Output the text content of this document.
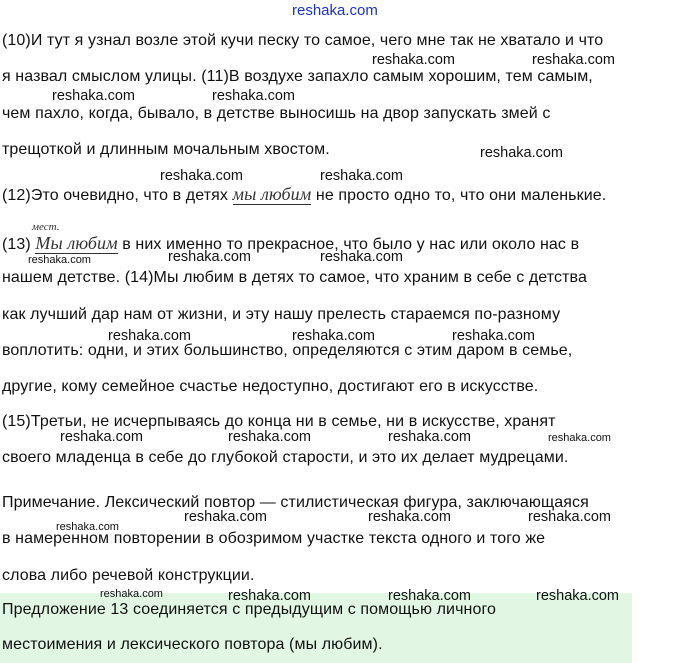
reshaka.com
(10)И тут я узнал возле этой кучи песку то самое, чего мне так не хватало и что
я назвал смыслом улицы. (11)В воздухе запахло самым хорошим, тем самым,
чем пахло, когда, бывало, в детстве выносишь на двор запускать змей с
трещоткой и длинным мочальным хвостом.
(12)Это очевидно, что в детях мы любим не просто одно то, что они маленькие.
мест.
(13) Мы любим в них именно то прекрасное, что было у нас или около нас в
нашем детстве. (14)Мы любим в детях то самое, что храним в себе с детства
как лучший дар нам от жизни, и эту нашу прелесть стараемся по-разному
воплотить: одни, и этих большинство, определяются с этим даром в семье,
другие, кому семейное счастье недоступно, достигают его в искусстве.
(15)Третьи, не исчерпываясь до конца ни в семье, ни в искусстве, хранят
своего младенца в себе до глубокой старости, и это их делает мудрецами.
Примечание. Лексический повтор — стилистическая фигура, заключающаяся
в намеренном повторении в обозримом участке текста одного и того же
слова либо речевой конструкции.
Предложение 13 соединяется с предыдущим с помощью личного
местоимения и лексического повтора (мы любим).
reshaka.com	reshaka.com
reshaka.com	reshaka.com
reshaka.com
reshaka.com	reshaka.com
reshaka.com	reshaka.com	reshaka.com
reshaka.com	reshaka.com	reshaka.com
reshaka.com	reshaka.com	reshaka.com	reshaka.com
reshaka.com
reshaka.com	reshaka.com	reshaka.com
reshaka.com	reshaka.com	reshaka.com	reshaka.com
